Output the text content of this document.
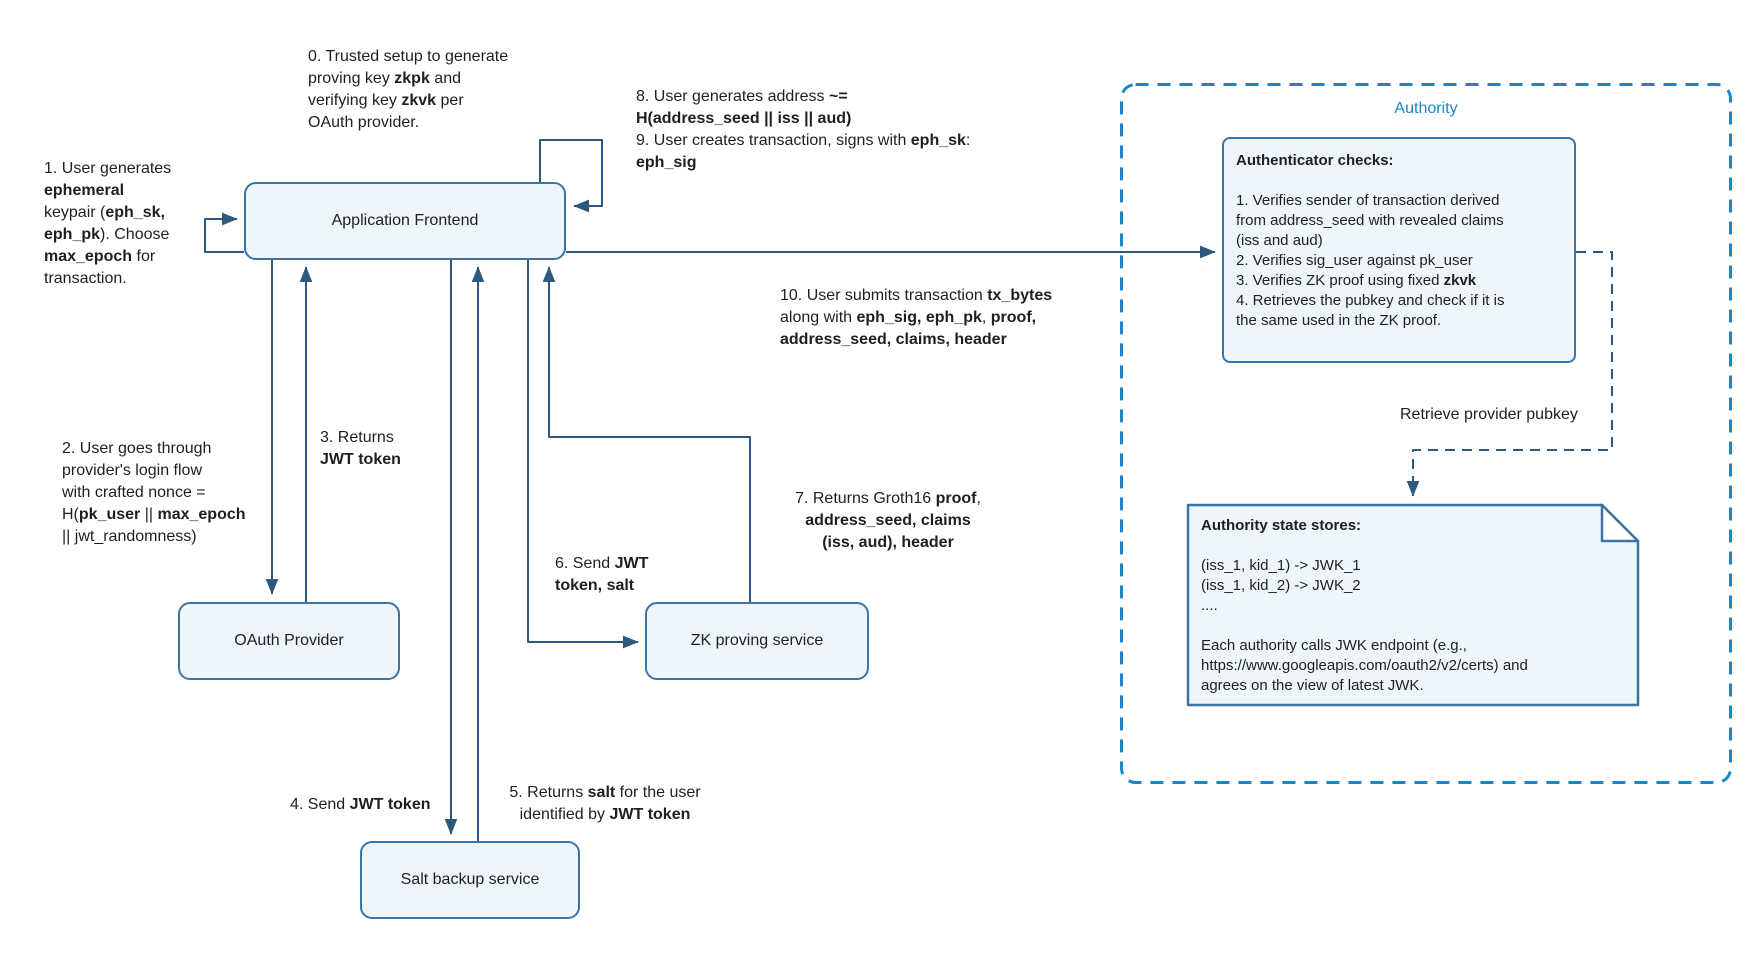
Application Frontend
OAuth Provider	ZK proving service
Salt backup service
Authority
Authenticator checks:
1. Verifies sender of transaction derived
from address_seed with revealed claims
(iss and aud)
2. Verifies sig_user against pk_user
3. Verifies ZK proof using fixed zkvk
4. Retrieves the pubkey and check if it is
the same used in the ZK proof.
Authority state stores:
(iss_1, kid_1) -> JWK_1
(iss_1, kid_2) -> JWK_2
....

Each authority calls JWK endpoint (e.g.,
https://www.googleapis.com/oauth2/v2/certs) and
agrees on the view of latest JWK.
Retrieve provider pubkey
0. Trusted setup to generate
proving key zkpk and
verifying key zkvk per
OAuth provider.
1. User generates
ephemeral
keypair (eph_sk,
eph_pk). Choose
max_epoch for
transaction.
8. User generates address ~=
H(address_seed || iss || aud)
9. User creates transaction, signs with eph_sk:
eph_sig
10. User submits transaction tx_bytes
along with eph_sig, eph_pk, proof,
address_seed, claims, header
2. User goes through
provider's login flow
with crafted nonce =
H(pk_user || max_epoch
|| jwt_randomness)
3. Returns
JWT token
4. Send JWT token
5. Returns salt for the user
identified by JWT token
6. Send JWT
token, salt
7. Returns Groth16 proof,
address_seed, claims
(iss, aud), header
